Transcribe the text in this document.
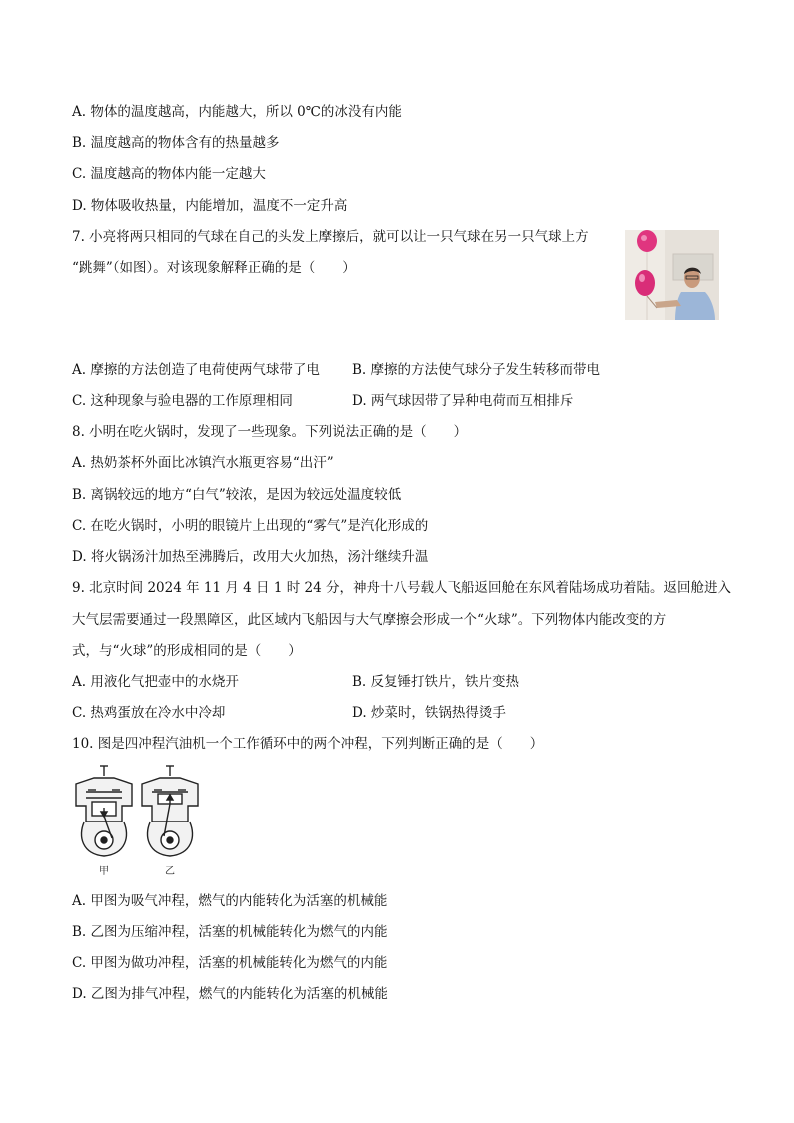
A. 物体的温度越高，内能越大，所以 0℃的冰没有内能
B. 温度越高的物体含有的热量越多
C. 温度越高的物体内能一定越大
D. 物体吸收热量，内能增加，温度不一定升高
7. 小亮将两只相同的气球在自己的头发上摩擦后，就可以让一只气球在另一只气球上方
“跳舞”（如图）。对该现象解释正确的是（　　）
A. 摩擦的方法创造了电荷使两气球带了电 B. 摩擦的方法使气球分子发生转移而带电
C. 这种现象与验电器的工作原理相同	D. 两气球因带了异种电荷而互相排斥
8. 小明在吃火锅时，发现了一些现象。下列说法正确的是（　　）
A. 热奶茶杯外面比冰镇汽水瓶更容易“出汗”
B. 离锅较远的地方“白气”较浓，是因为较远处温度较低
C. 在吃火锅时，小明的眼镜片上出现的“雾气”是汽化形成的
D. 将火锅汤汁加热至沸腾后，改用大火加热，汤汁继续升温
9. 北京时间 2024 年 11 月 4 日 1 时 24 分，神舟十八号载人飞船返回舱在东风着陆场成功着陆。返回舱进入
大气层需要通过一段黑障区，此区域内飞船因与大气摩擦会形成一个“火球”。下列物体内能改变的方
式，与“火球”的形成相同的是（　　）
A. 用液化气把壶中的水烧开	B. 反复锤打铁片，铁片变热
C. 热鸡蛋放在冷水中冷却	D. 炒菜时，铁锅热得烫手
10. 图是四冲程汽油机一个工作循环中的两个冲程，下列判断正确的是（　　）
甲	乙
A. 甲图为吸气冲程，燃气的内能转化为活塞的机械能
B. 乙图为压缩冲程，活塞的机械能转化为燃气的内能
C. 甲图为做功冲程，活塞的机械能转化为燃气的内能
D. 乙图为排气冲程，燃气的内能转化为活塞的机械能
